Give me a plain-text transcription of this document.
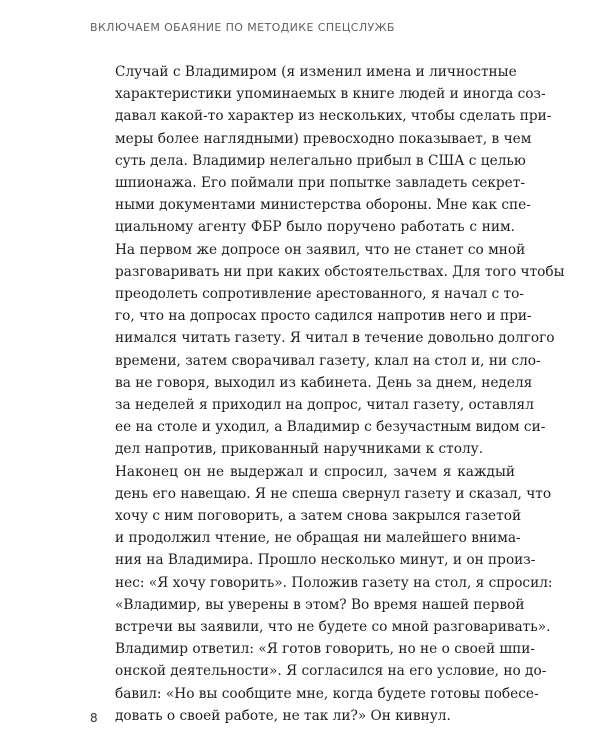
ВКЛЮЧАЕМ ОБАЯНИЕ ПО МЕТОДИКЕ СПЕЦСЛУЖБ

Случай с Владимиром (я изменил имена и личностные
характеристики упоминаемых в книге людей и иногда соз-
давал какой-то характер из нескольких, чтобы сделать при-
меры более наглядными) превосходно показывает, в чем
суть дела. Владимир нелегально прибыл в США с целью
шпионажа. Его поймали при попытке завладеть секрет-
ными документами министерства обороны. Мне как спе-
циальному агенту ФБР было поручено работать с ним.
На первом же допросе он заявил, что не станет со мной
разговаривать ни при каких обстоятельствах. Для того чтобы
преодолеть сопротивление арестованного, я начал с то-
го, что на допросах просто садился напротив него и при-
нимался читать газету. Я читал в течение довольно долгого
времени, затем сворачивал газету, клал на стол и, ни сло-
ва не говоря, выходил из кабинета. День за днем, неделя
за неделей я приходил на допрос, читал газету, оставлял
ее на столе и уходил, а Владимир с безучастным видом си-
дел напротив, прикованный наручниками к столу.

Наконец он не выдержал и спросил, зачем я каждый
день его навещаю. Я не спеша свернул газету и сказал, что
хочу с ним поговорить, а затем снова закрылся газетой
и продолжил чтение, не обращая ни малейшего внима-
ния на Владимира. Прошло несколько минут, и он произ-
нес: «Я хочу говорить». Положив газету на стол, я спросил:
«Владимир, вы уверены в этом? Во время нашей первой
встречи вы заявили, что не будете со мной разговаривать».
Владимир ответил: «Я готов говорить, но не о своей шпи-
онской деятельности». Я согласился на его условие, но до-
бавил: «Но вы сообщите мне, когда будете готовы побесе-
довать о своей работе, не так ли?» Он кивнул.

8
